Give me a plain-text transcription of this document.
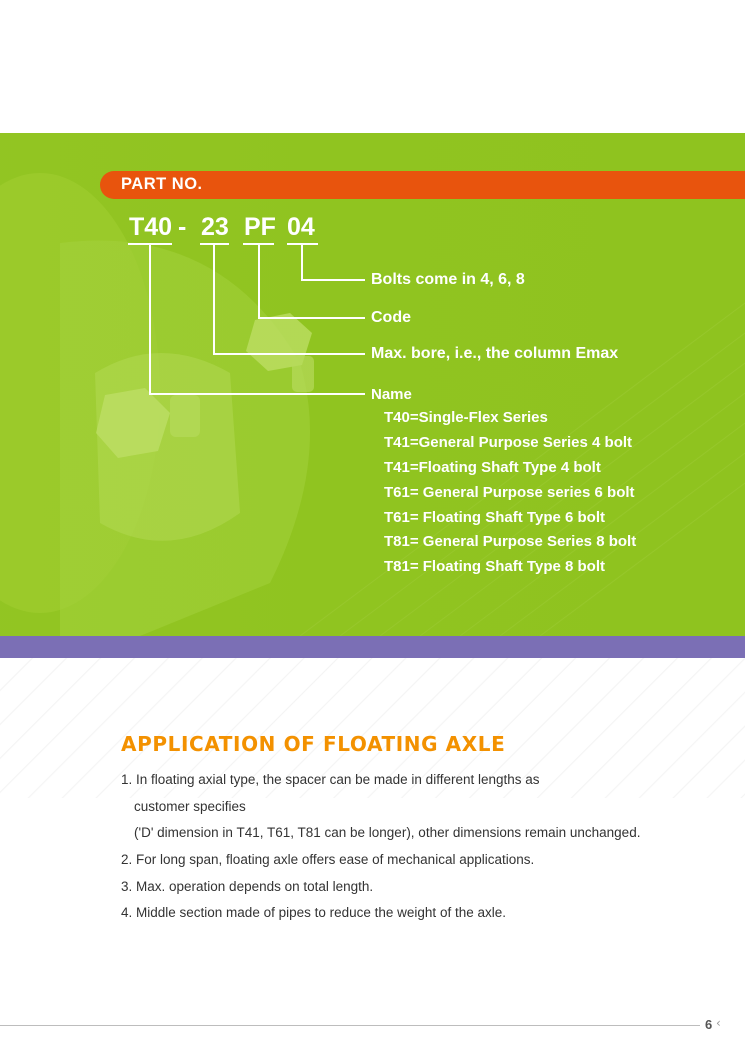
PART NO.
T40 - 23 PF 04
Bolts come in 4, 6, 8
Code
Max. bore, i.e., the column Emax
Name
T40=Single-Flex Series
T41=General Purpose Series 4 bolt
T41=Floating Shaft Type 4 bolt
T61= General Purpose series 6 bolt
T61= Floating Shaft Type 6 bolt
T81= General Purpose Series 8 bolt
T81= Floating Shaft Type 8 bolt
APPLICATION OF FLOATING AXLE
1. In floating axial type, the spacer can be made in different lengths as
customer specifies
('D' dimension in T41, T61, T81 can be longer), other dimensions remain unchanged.
2. For long span, floating axle offers ease of mechanical applications.
3. Max. operation depends on total length.
4. Middle section made of pipes to reduce the weight of the axle.
6 ‹
